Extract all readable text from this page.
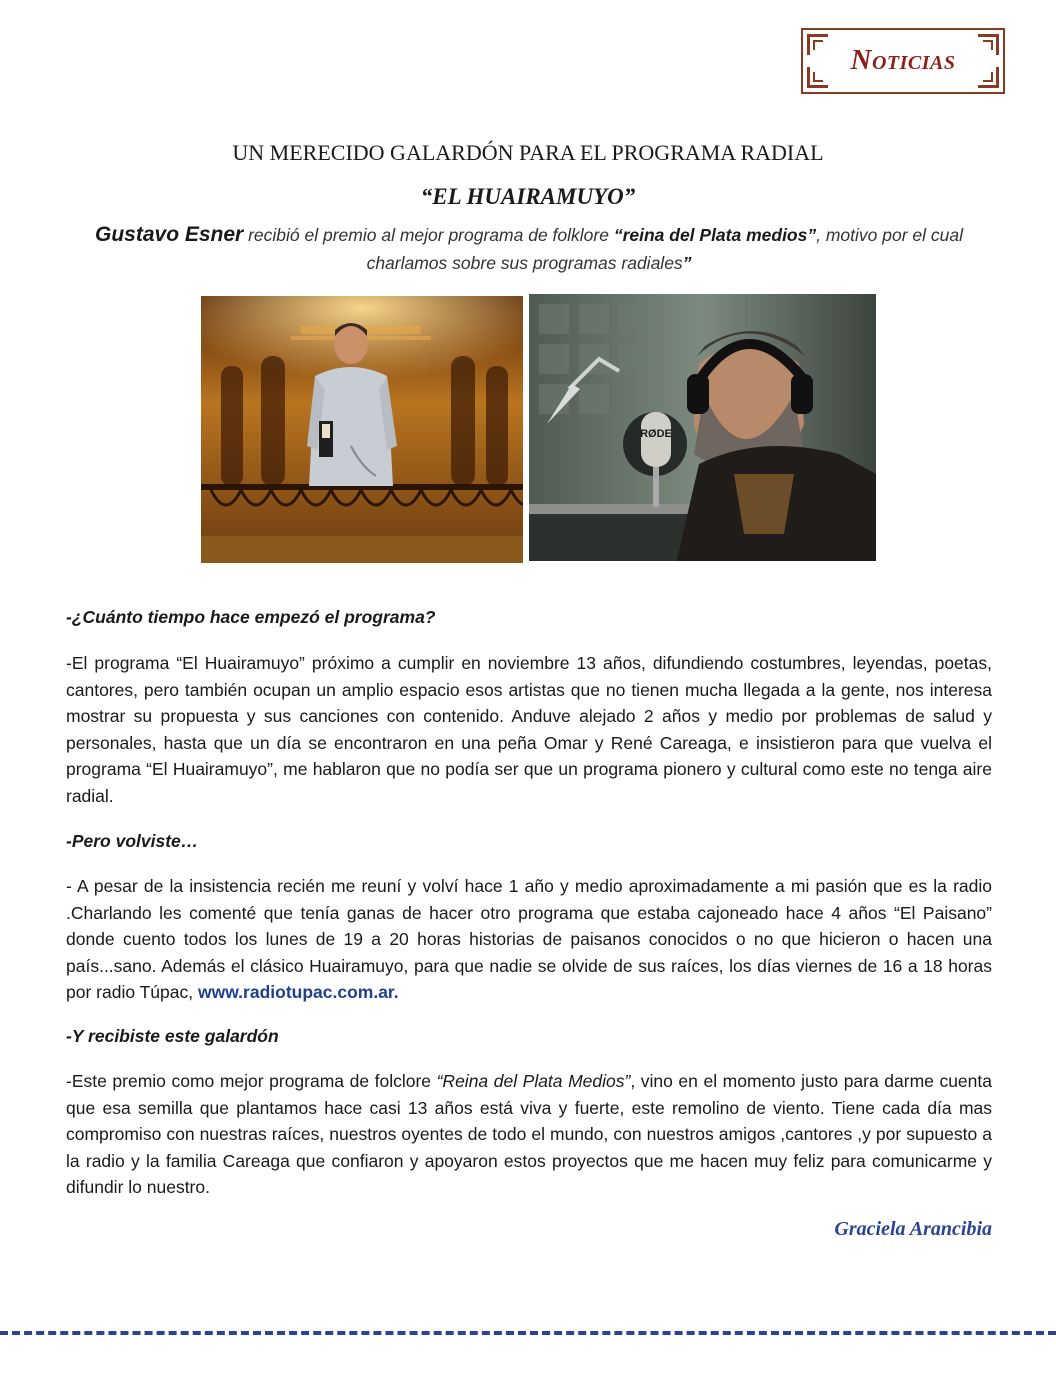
Noticias
UN MERECIDO GALARDÓN PARA EL PROGRAMA RADIAL
“EL HUAIRAMUYO”
Gustavo Esner recibió el premio al mejor programa de folklore “reina del Plata medios”, motivo por el cual charlamos sobre sus programas radiales”
RØDE
-¿Cuánto tiempo hace empezó el programa?
-El programa “El Huairamuyo” próximo a cumplir en noviembre 13 años, difundiendo costumbres, leyendas, poetas, cantores, pero también ocupan un amplio espacio esos artistas que no tienen mucha llegada a la gente, nos interesa mostrar su propuesta y sus canciones con contenido. Anduve alejado 2 años y medio por problemas de salud y personales, hasta que un día se encontraron en una peña Omar y René Careaga, e insistieron para que vuelva el programa “El Huairamuyo”, me hablaron que no podía ser que un programa pionero y cultural como este no tenga aire radial.
-Pero volviste…
- A pesar de la insistencia recién me reuní y volví hace 1 año y medio aproximadamente a mi pasión que es la radio .Charlando les comenté que tenía ganas de hacer otro programa que estaba cajoneado hace 4 años “El Paisano” donde cuento todos los lunes de 19 a 20 horas historias de paisanos conocidos o no que hicieron o hacen una país...sano. Además el clásico Huairamuyo, para que nadie se olvide de sus raíces, los días viernes de 16 a 18 horas por radio Túpac, www.radiotupac.com.ar.
-Y recibiste este galardón
-Este premio como mejor programa de folclore “Reina del Plata Medios”, vino en el momento justo para darme cuenta que esa semilla que plantamos hace casi 13 años está viva y fuerte, este remolino de viento. Tiene cada día mas compromiso con nuestras raíces, nuestros oyentes de todo el mundo, con nuestros amigos ,cantores ,y por supuesto a la radio y la familia Careaga que confiaron y apoyaron estos proyectos que me hacen muy feliz para comunicarme y difundir lo nuestro.
Graciela Arancibia
